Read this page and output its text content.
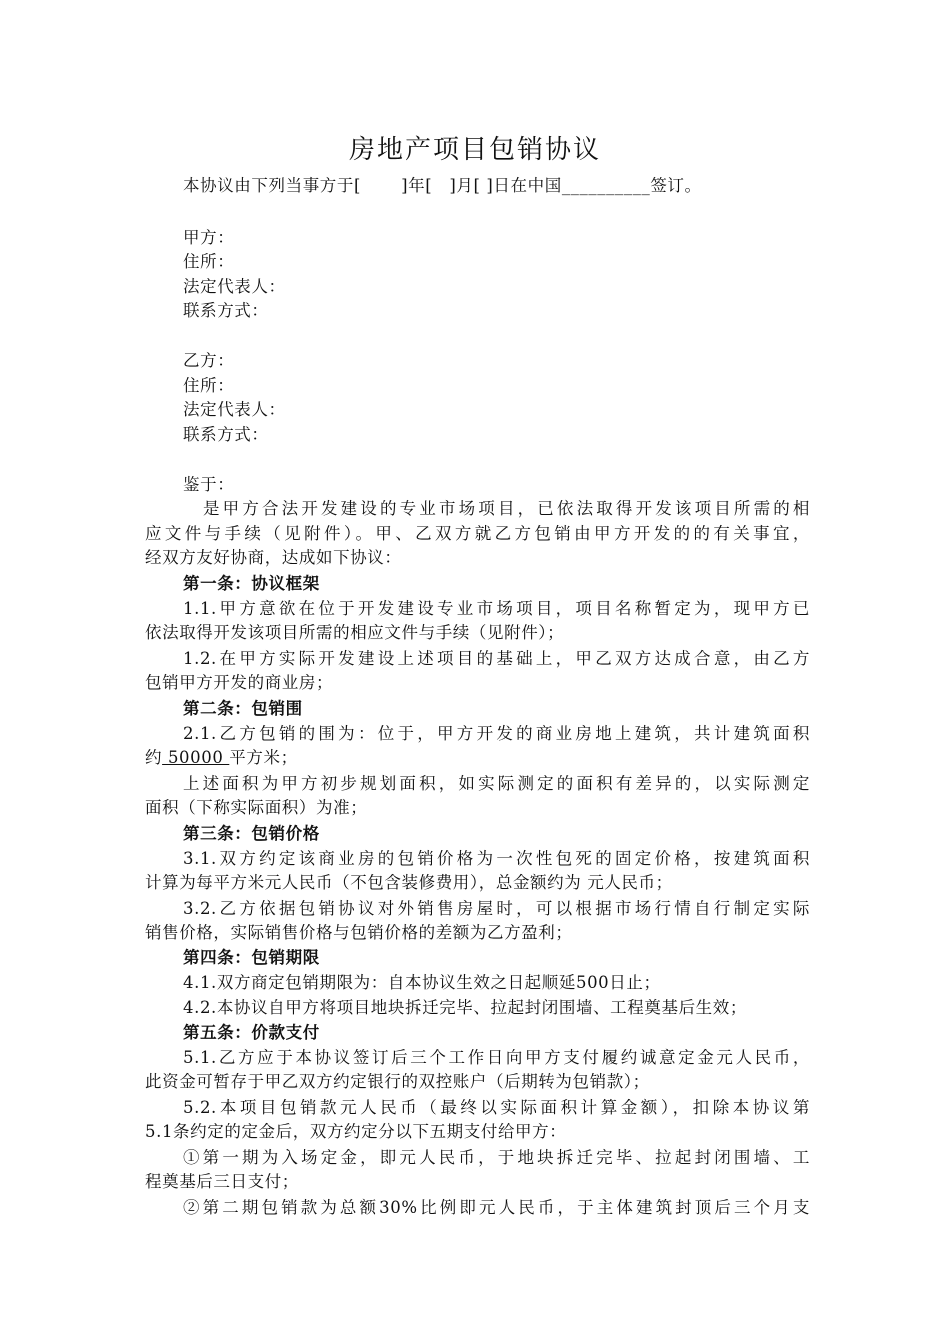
房地产项目包销协议
本协议由下列当事方于[　　 ]年[　]月[ ]日在中国__________签订。
甲方：
住所：
法定代表人：
联系方式：
乙方：
住所：
法定代表人：
联系方式：
鉴于：
是甲方合法开发建设的专业市场项目，已依法取得开发该项目所需的相
应文件与手续（见附件）。甲、乙双方就乙方包销由甲方开发的的有关事宜，
经双方友好协商，达成如下协议：
第一条：协议框架
1.1.甲方意欲在位于开发建设专业市场项目，项目名称暂定为，现甲方已
依法取得开发该项目所需的相应文件与手续（见附件）；
1.2.在甲方实际开发建设上述项目的基础上，甲乙双方达成合意，由乙方
包销甲方开发的商业房；
第二条：包销围
2.1.乙方包销的围为：位于，甲方开发的商业房地上建筑，共计建筑面积
约 50000 平方米；
上述面积为甲方初步规划面积，如实际测定的面积有差异的，以实际测定
面积（下称实际面积）为准；
第三条：包销价格
3.1.双方约定该商业房的包销价格为一次性包死的固定价格，按建筑面积
计算为每平方米元人民币（不包含装修费用），总金额约为 元人民币；
3.2.乙方依据包销协议对外销售房屋时，可以根据市场行情自行制定实际
销售价格，实际销售价格与包销价格的差额为乙方盈利；
第四条：包销期限
4.1.双方商定包销期限为：自本协议生效之日起顺延500日止；
4.2.本协议自甲方将项目地块拆迁完毕、拉起封闭围墙、工程奠基后生效；
第五条：价款支付
5.1.乙方应于本协议签订后三个工作日向甲方支付履约诚意定金元人民币，
此资金可暂存于甲乙双方约定银行的双控账户（后期转为包销款）；
5.2.本项目包销款元人民币（最终以实际面积计算金额），扣除本协议第
5.1条约定的定金后，双方约定分以下五期支付给甲方：
①第一期为入场定金，即元人民币，于地块拆迁完毕、拉起封闭围墙、工
程奠基后三日支付；
②第二期包销款为总额30%比例即元人民币，于主体建筑封顶后三个月支
